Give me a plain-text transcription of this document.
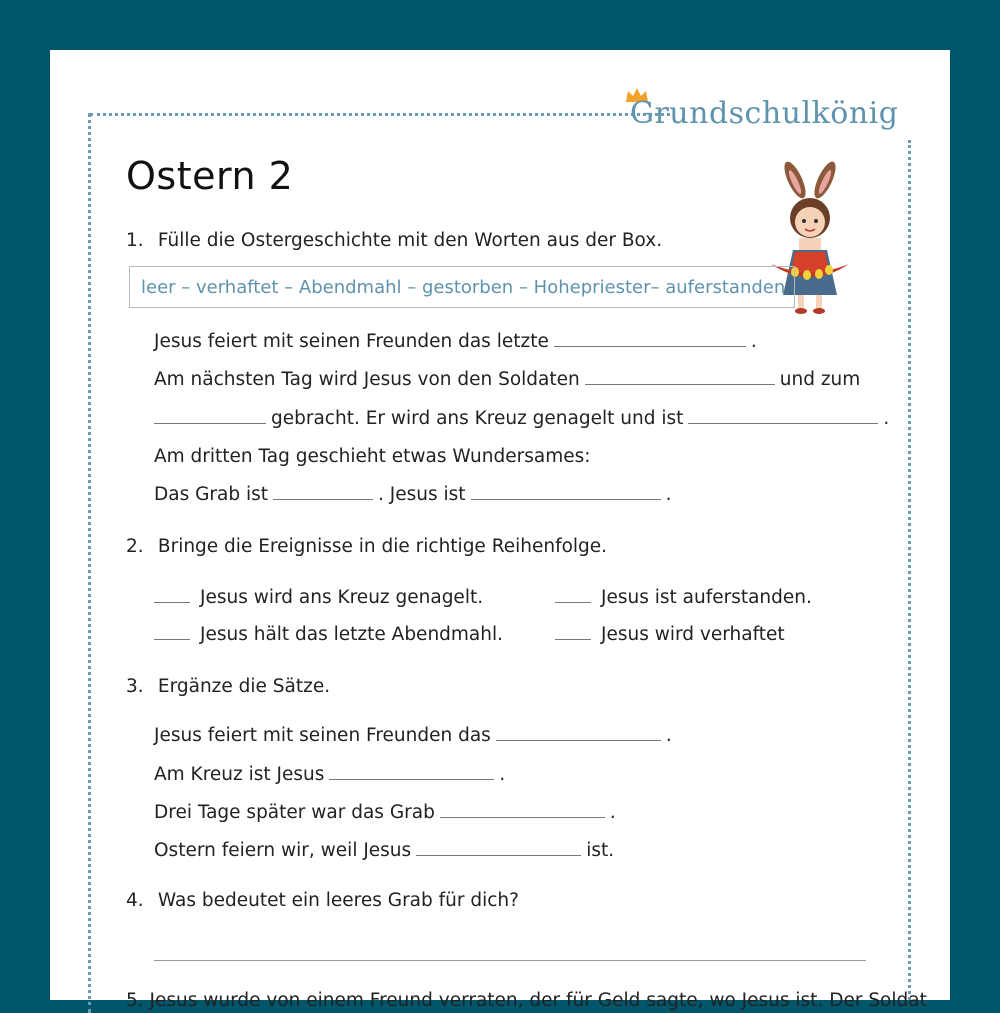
Grundschulkönig
Ostern 2
1. Fülle die Ostergeschichte mit den Worten aus der Box.
leer – verhaftet – Abendmahl – gestorben – Hohepriester– auferstanden
Jesus feiert mit seinen Freunden das letzte	.
Am nächsten Tag wird Jesus von den Soldaten	und zum
gebracht. Er wird ans Kreuz genagelt und ist	.
Am dritten Tag geschieht etwas Wundersames:
Das Grab ist	. Jesus ist	.
2. Bringe die Ereignisse in die richtige Reihenfolge.
Jesus wird ans Kreuz genagelt.	Jesus ist auferstanden.
Jesus hält das letzte Abendmahl.	Jesus wird verhaftet
3. Ergänze die Sätze.
Jesus feiert mit seinen Freunden das	.
Am Kreuz ist Jesus	.
Drei Tage später war das Grab	.
Ostern feiern wir, weil Jesus	ist.
4. Was bedeutet ein leeres Grab für dich?
5. Jesus wurde von einem Freund verraten, der für Geld sagte, wo Jesus ist. Der Soldat
